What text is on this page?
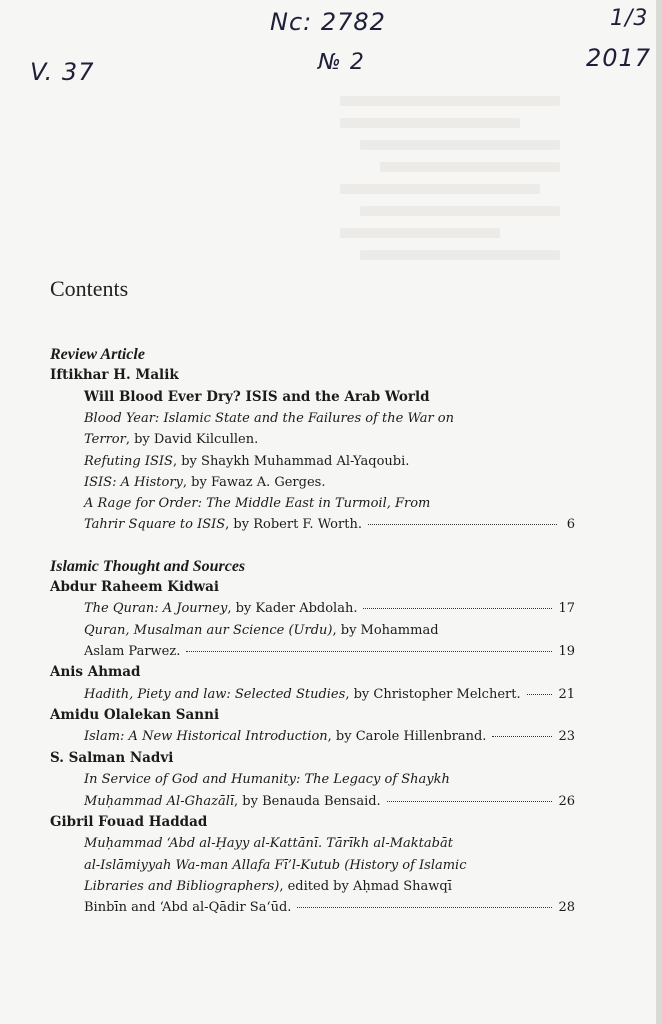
Nc: 2782
№ 2
V. 37
1/3
2017
Contents
Review Article
Iftikhar H. Malik
Will Blood Ever Dry? ISIS and the Arab World
Blood Year: Islamic State and the Failures of the War on
Terror, by David Kilcullen.
Refuting ISIS, by Shaykh Muhammad Al-Yaqoubi.
ISIS: A History, by Fawaz A. Gerges.
A Rage for Order: The Middle East in Turmoil, From
Tahrir Square to ISIS, by Robert F. Worth.	6
Islamic Thought and Sources
Abdur Raheem Kidwai
The Quran: A Journey, by Kader Abdolah.	17
Quran, Musalman aur Science (Urdu), by Mohammad
Aslam Parwez.	19
Anis Ahmad
Hadith, Piety and law: Selected Studies, by Christopher Melchert.	21
Amidu Olalekan Sanni
Islam: A New Historical Introduction, by Carole Hillenbrand.	23
S. Salman Nadvi
In Service of God and Humanity: The Legacy of Shaykh
Muḥammad Al-Ghazālī, by Benauda Bensaid.	26
Gibril Fouad Haddad
Muḥammad ‘Abd al-Ḥayy al-Kattānī. Tārīkh al-Maktabāt
al-Islāmiyyah Wa-man Allafa Fī’l-Kutub (History of Islamic
Libraries and Bibliographers), edited by Aḥmad Shawqī
Binbīn and ‘Abd al-Qādir Sa‘ūd.	28
